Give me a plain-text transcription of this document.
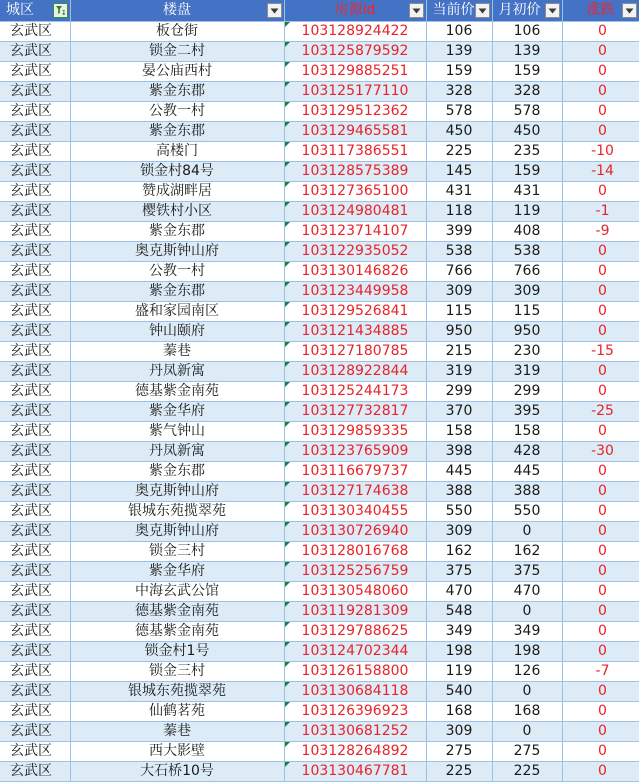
城区	楼盘	房源id	当前价	月初价	涨跌

玄武区	板仓街	103128924422	106	106	0
玄武区	锁金二村	103125879592	139	139	0
玄武区	晏公庙西村	103129885251	159	159	0
玄武区	紫金东郡	103125177110	328	328	0
玄武区	公教一村	103129512362	578	578	0
玄武区	紫金东郡	103129465581	450	450	0
玄武区	高楼门	103117386551	225	235	-10
玄武区	锁金村84号	103128575389	145	159	-14
玄武区	赞成湖畔居	103127365100	431	431	0
玄武区	樱铁村小区	103124980481	118	119	-1
玄武区	紫金东郡	103123714107	399	408	-9
玄武区	奥克斯钟山府	103122935052	538	538	0
玄武区	公教一村	103130146826	766	766	0
玄武区	紫金东郡	103123449958	309	309	0
玄武区	盛和家园南区	103129526841	115	115	0
玄武区	钟山颐府	103121434885	950	950	0
玄武区	蓁巷	103127180785	215	230	-15
玄武区	丹凤新寓	103128922844	319	319	0
玄武区	德基紫金南苑	103125244173	299	299	0
玄武区	紫金华府	103127732817	370	395	-25
玄武区	紫气钟山	103129859335	158	158	0
玄武区	丹凤新寓	103123765909	398	428	-30
玄武区	紫金东郡	103116679737	445	445	0
玄武区	奥克斯钟山府	103127174638	388	388	0
玄武区	银城东苑揽翠苑	103130340455	550	550	0
玄武区	奥克斯钟山府	103130726940	309	0	0
玄武区	锁金三村	103128016768	162	162	0
玄武区	紫金华府	103125256759	375	375	0
玄武区	中海玄武公馆	103130548060	470	470	0
玄武区	德基紫金南苑	103119281309	548	0	0
玄武区	德基紫金南苑	103129788625	349	349	0
玄武区	锁金村1号	103124702344	198	198	0
玄武区	锁金三村	103126158800	119	126	-7
玄武区	银城东苑揽翠苑	103130684118	540	0	0
玄武区	仙鹤茗苑	103126396923	168	168	0
玄武区	蓁巷	103130681252	309	0	0
玄武区	西大影壁	103128264892	275	275	0
玄武区	大石桥10号	103130467781	225	225	0
